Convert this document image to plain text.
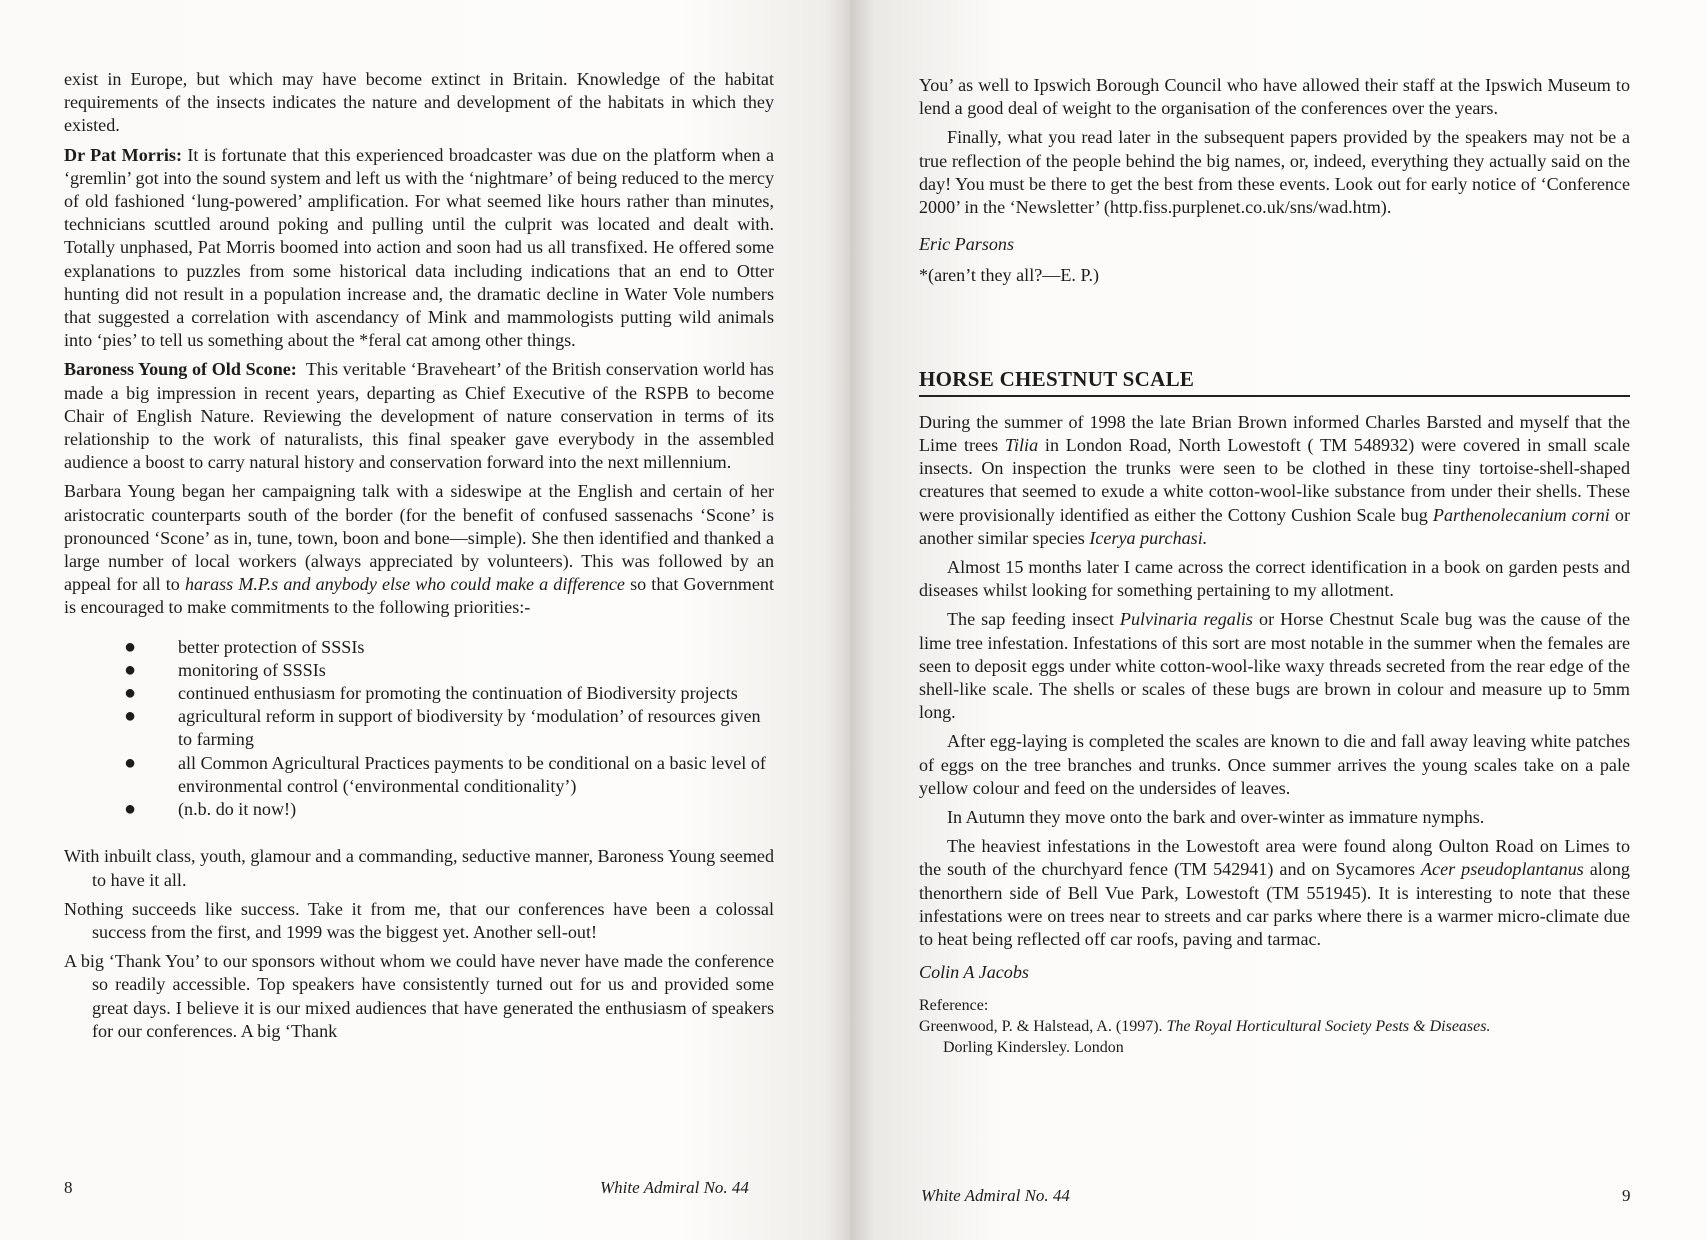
exist in Europe, but which may have become extinct in Britain. Knowledge of the habitat requirements of the insects indicates the nature and development of the habitats in which they existed.

Dr Pat Morris: It is fortunate that this experienced broadcaster was due on the platform when a ‘gremlin’ got into the sound system and left us with the ‘nightmare’ of being reduced to the mercy of old fashioned ‘lung-powered’ amplification. For what seemed like hours rather than minutes, technicians scuttled around poking and pulling until the culprit was located and dealt with. Totally unphased, Pat Morris boomed into action and soon had us all transfixed. He offered some explanations to puzzles from some historical data including indications that an end to Otter hunting did not result in a population increase and, the dramatic decline in Water Vole numbers that suggested a correlation with ascendancy of Mink and mammologists putting wild animals into ‘pies’ to tell us something about the *feral cat among other things.

Baroness Young of Old Scone: This veritable ‘Braveheart’ of the British conservation world has made a big impression in recent years, departing as Chief Executive of the RSPB to become Chair of English Nature. Reviewing the development of nature conservation in terms of its relationship to the work of naturalists, this final speaker gave everybody in the assembled audience a boost to carry natural history and conservation forward into the next millennium.

Barbara Young began her campaigning talk with a sideswipe at the English and certain of her aristocratic counterparts south of the border (for the benefit of confused sassenachs ‘Scone’ is pronounced ‘Scone’ as in, tune, town, boon and bone—simple). She then identified and thanked a large number of local workers (always appreciated by volunteers). This was followed by an appeal for all to harass M.P.s and anybody else who could make a difference so that Government is encouraged to make commitments to the following priorities:-

● better protection of SSSIs
● monitoring of SSSIs
● continued enthusiasm for promoting the continuation of Biodiversity projects
● agricultural reform in support of biodiversity by ‘modulation’ of resources given to farming
● all Common Agricultural Practices payments to be conditional on a basic level of environmental control (‘environmental conditionality’)
● (n.b. do it now!)

With inbuilt class, youth, glamour and a commanding, seductive manner, Baroness Young seemed to have it all.

Nothing succeeds like success. Take it from me, that our conferences have been a colossal success from the first, and 1999 was the biggest yet. Another sell-out!

A big ‘Thank You’ to our sponsors without whom we could have never have made the conference so readily accessible. Top speakers have consistently turned out for us and provided some great days. I believe it is our mixed audiences that have generated the enthusiasm of speakers for our conferences. A big ‘Thank

8	White Admiral No. 44

You’ as well to Ipswich Borough Council who have allowed their staff at the Ipswich Museum to lend a good deal of weight to the organisation of the conferences over the years.

Finally, what you read later in the subsequent papers provided by the speakers may not be a true reflection of the people behind the big names, or, indeed, everything they actually said on the day! You must be there to get the best from these events. Look out for early notice of ‘Conference 2000’ in the ‘Newsletter’ (http.fiss.purplenet.co.uk/sns/wad.htm).

Eric Parsons

*(aren’t they all?—E. P.)

HORSE CHESTNUT SCALE

During the summer of 1998 the late Brian Brown informed Charles Barsted and myself that the Lime trees Tilia in London Road, North Lowestoft ( TM 548932) were covered in small scale insects. On inspection the trunks were seen to be clothed in these tiny tortoise-shell-shaped creatures that seemed to exude a white cotton-wool-like substance from under their shells. These were provisionally identified as either the Cottony Cushion Scale bug Parthenolecanium corni or another similar species Icerya purchasi.

Almost 15 months later I came across the correct identification in a book on garden pests and diseases whilst looking for something pertaining to my allotment.

The sap feeding insect Pulvinaria regalis or Horse Chestnut Scale bug was the cause of the lime tree infestation. Infestations of this sort are most notable in the summer when the females are seen to deposit eggs under white cotton-wool-like waxy threads secreted from the rear edge of the shell-like scale. The shells or scales of these bugs are brown in colour and measure up to 5mm long.

After egg-laying is completed the scales are known to die and fall away leaving white patches of eggs on the tree branches and trunks. Once summer arrives the young scales take on a pale yellow colour and feed on the undersides of leaves.

In Autumn they move onto the bark and over-winter as immature nymphs.

The heaviest infestations in the Lowestoft area were found along Oulton Road on Limes to the south of the churchyard fence (TM 542941) and on Sycamores Acer pseudoplantanus along thenorthern side of Bell Vue Park, Lowestoft (TM 551945). It is interesting to note that these infestations were on trees near to streets and car parks where there is a warmer micro-climate due to heat being reflected off car roofs, paving and tarmac.

Colin A Jacobs

Reference:
Greenwood, P. & Halstead, A. (1997). The Royal Horticultural Society Pests & Diseases.
Dorling Kindersley. London
White Admiral No. 44	9
